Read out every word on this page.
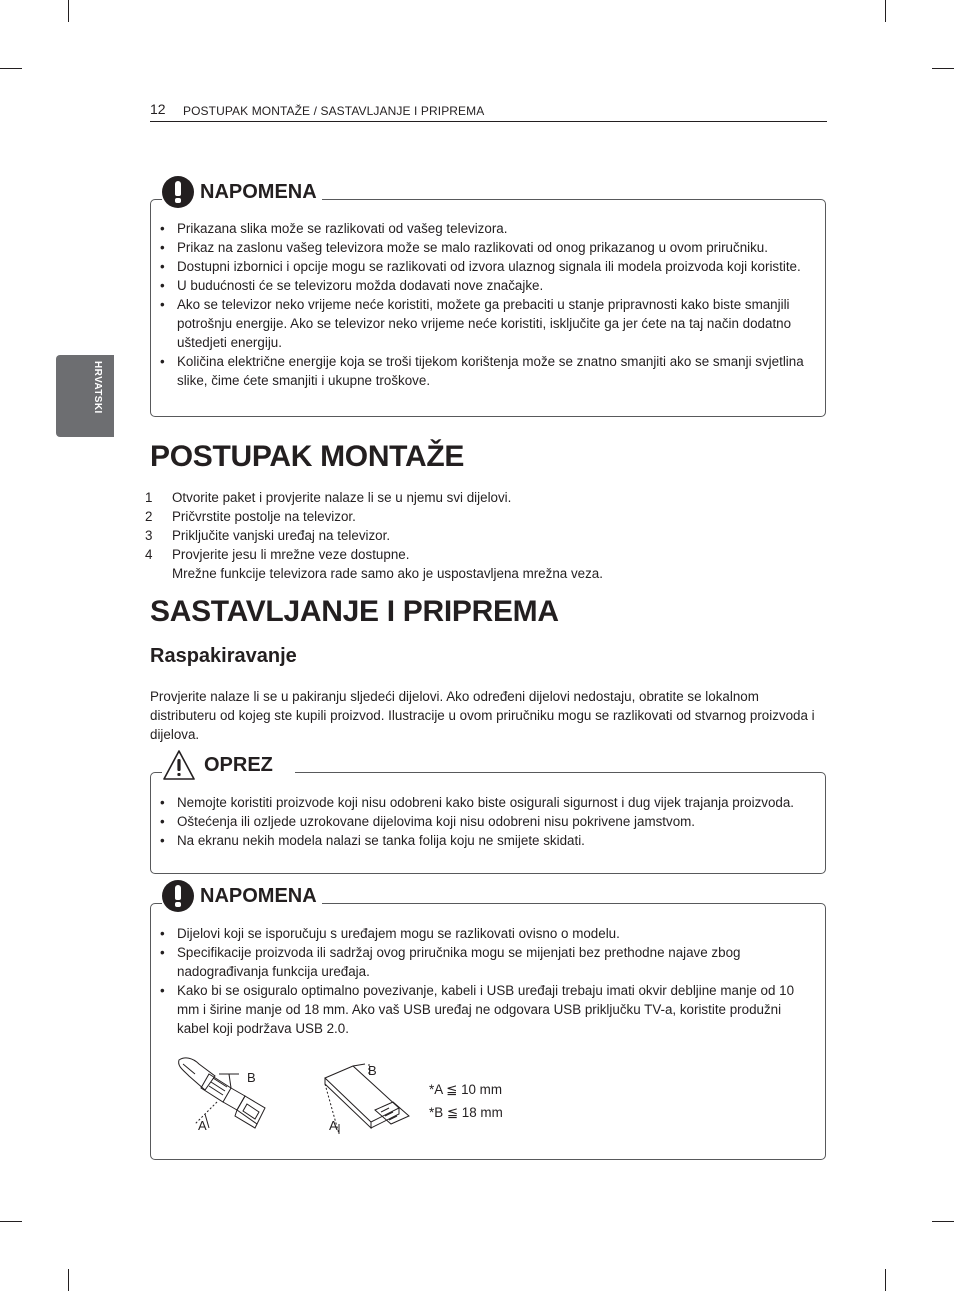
HRVATSKI
12 POSTUPAK MONTAŽE / SASTAVLJANJE I PRIPREMA
• Prikazana slika može se razlikovati od vašeg televizora.
• Prikaz na zaslonu vašeg televizora može se malo razlikovati od onog prikazanog u ovom priručniku.
• Dostupni izbornici i opcije mogu se razlikovati od izvora ulaznog signala ili modela proizvoda koji koristite.
• U budućnosti će se televizoru možda dodavati nove značajke.
• Ako se televizor neko vrijeme neće koristiti, možete ga prebaciti u stanje pripravnosti kako biste smanjili potrošnju energije. Ako se televizor neko vrijeme neće koristiti, isključite ga jer ćete na taj način dodatno uštedjeti energiju.
• Količina električne energije koja se troši tijekom korištenja može se znatno smanjiti ako se smanji svjetlina slike, čime ćete smanjiti i ukupne troškove.
NAPOMENA
POSTUPAK MONTAŽE
1 Otvorite paket i provjerite nalaze li se u njemu svi dijelovi.
2 Pričvrstite postolje na televizor.
3 Priključite vanjski uređaj na televizor.
4 Provjerite jesu li mrežne veze dostupne.
Mrežne funkcije televizora rade samo ako je uspostavljena mrežna veza.
SASTAVLJANJE I PRIPREMA
Raspakiravanje

Provjerite nalaze li se u pakiranju sljedeći dijelovi. Ako određeni dijelovi nedostaju, obratite se lokalnom distributeru od kojeg ste kupili proizvod. Ilustracije u ovom priručniku mogu se razlikovati od stvarnog proizvoda i dijelova.

• Nemojte koristiti proizvode koji nisu odobreni kako biste osigurali sigurnost i dug vijek trajanja proizvoda.
• Oštećenja ili ozljede uzrokovane dijelovima koji nisu odobreni nisu pokrivene jamstvom.
• Na ekranu nekih modela nalazi se tanka folija koju ne smijete skidati.
OPREZ
• Dijelovi koji se isporučuju s uređajem mogu se razlikovati ovisno o modelu.
• Specifikacije proizvoda ili sadržaj ovog priručnika mogu se mijenjati bez prethodne najave zbog nadograđivanja funkcija uređaja.
• Kako bi se osiguralo optimalno povezivanje, kabeli i USB uređaji trebaju imati okvir debljine manje od 10 mm i širine manje od 18 mm. Ako vaš USB uređaj ne odgovara USB priključku TV-a, koristite produžni kabel koji podržava USB 2.0.
B
A
B
A
*A ≦ 10 mm
*B ≦ 18 mm
NAPOMENA
